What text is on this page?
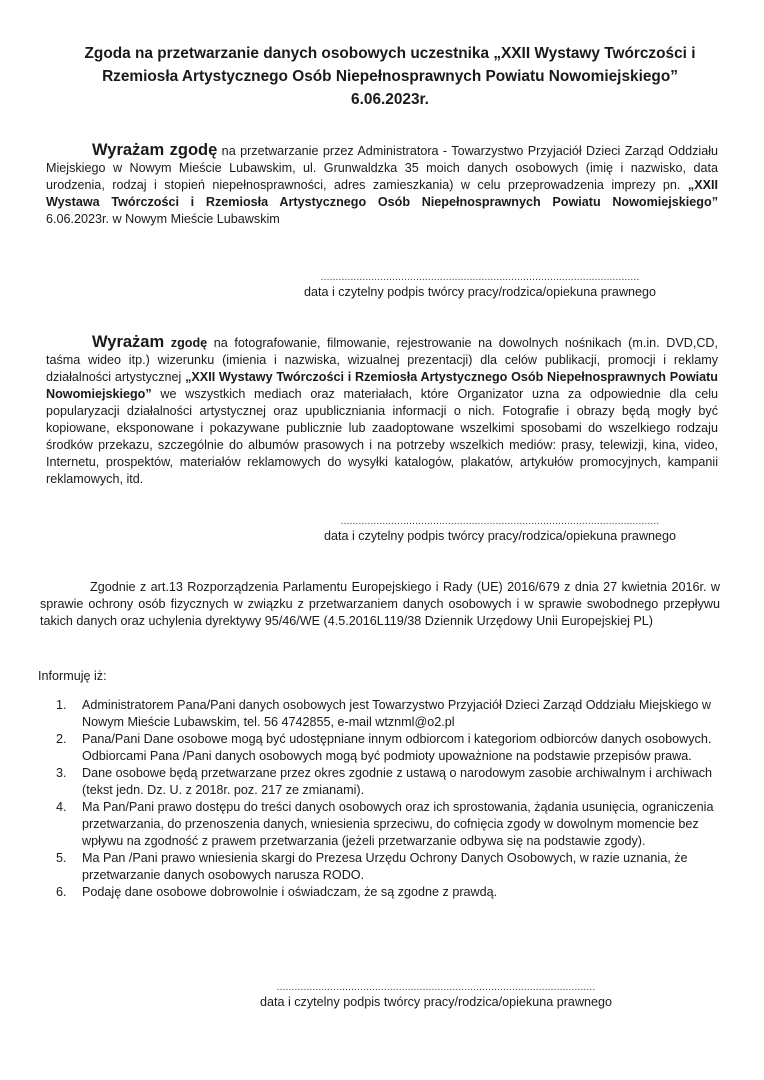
Zgoda na przetwarzanie danych osobowych uczestnika „XXII Wystawy Twórczości i
Rzemiosła Artystycznego Osób Niepełnosprawnych Powiatu Nowomiejskiego”
6.06.2023r.
Wyrażam zgodę na przetwarzanie przez Administratora - Towarzystwo Przyjaciół Dzieci Zarząd Oddziału Miejskiego w Nowym Mieście Lubawskim, ul. Grunwaldzka 35 moich danych osobowych (imię i nazwisko, data urodzenia, rodzaj i stopień niepełnosprawności, adres zamieszkania) w celu przeprowadzenia imprezy pn. „XXII Wystawa Twórczości i Rzemiosła Artystycznego Osób Niepełnosprawnych Powiatu Nowomiejskiego” 6.06.2023r. w Nowym Mieście Lubawskim
...........................................................................................................
data i czytelny podpis twórcy pracy/rodzica/opiekuna prawnego
Wyrażam zgodę na fotografowanie, filmowanie, rejestrowanie na dowolnych nośnikach (m.in. DVD,CD, taśma wideo itp.) wizerunku (imienia i nazwiska, wizualnej prezentacji) dla celów publikacji, promocji i reklamy działalności artystycznej „XXII Wystawy Twórczości i Rzemiosła Artystycznego Osób Niepełnosprawnych Powiatu Nowomiejskiego” we wszystkich mediach oraz materiałach, które Organizator uzna za odpowiednie dla celu popularyzacji działalności artystycznej oraz upubliczniania informacji o nich. Fotografie i obrazy będą mogły być kopiowane, eksponowane i pokazywane publicznie lub zaadoptowane wszelkimi sposobami do wszelkiego rodzaju środków przekazu, szczególnie do albumów prasowych i na potrzeby wszelkich mediów: prasy, telewizji, kina, video, Internetu, prospektów, materiałów reklamowych do wysyłki katalogów, plakatów, artykułów promocyjnych, kampanii reklamowych, itd.
...........................................................................................................
data i czytelny podpis twórcy pracy/rodzica/opiekuna prawnego
Zgodnie z art.13 Rozporządzenia Parlamentu Europejskiego i Rady (UE) 2016/679 z dnia 27 kwietnia 2016r. w sprawie ochrony osób fizycznych w związku z przetwarzaniem danych osobowych i w sprawie swobodnego przepływu takich danych oraz uchylenia dyrektywy 95/46/WE (4.5.2016L119/38 Dziennik Urzędowy Unii Europejskiej PL)
Informuję iż:
1. Administratorem Pana/Pani danych osobowych jest Towarzystwo Przyjaciół Dzieci Zarząd Oddziału Miejskiego w Nowym Mieście Lubawskim, tel. 56 4742855, e-mail wtznml@o2.pl
2. Pana/Pani Dane osobowe mogą być udostępniane innym odbiorcom i kategoriom odbiorców danych osobowych. Odbiorcami Pana /Pani danych osobowych mogą być podmioty upoważnione na podstawie przepisów prawa.
3. Dane osobowe będą przetwarzane przez okres zgodnie z ustawą o narodowym zasobie archiwalnym i archiwach (tekst jedn. Dz. U. z 2018r. poz. 217 ze zmianami).
4. Ma Pan/Pani prawo dostępu do treści danych osobowych oraz ich sprostowania, żądania usunięcia, ograniczenia przetwarzania, do przenoszenia danych, wniesienia sprzeciwu, do cofnięcia zgody w dowolnym momencie bez wpływu na zgodność z prawem przetwarzania (jeżeli przetwarzanie odbywa się na podstawie zgody).
5. Ma Pan /Pani prawo wniesienia skargi do Prezesa Urzędu Ochrony Danych Osobowych, w razie uznania, że przetwarzanie danych osobowych narusza RODO.
6. Podaję dane osobowe dobrowolnie i oświadczam, że są zgodne z prawdą.
...........................................................................................................
data i czytelny podpis twórcy pracy/rodzica/opiekuna prawnego
